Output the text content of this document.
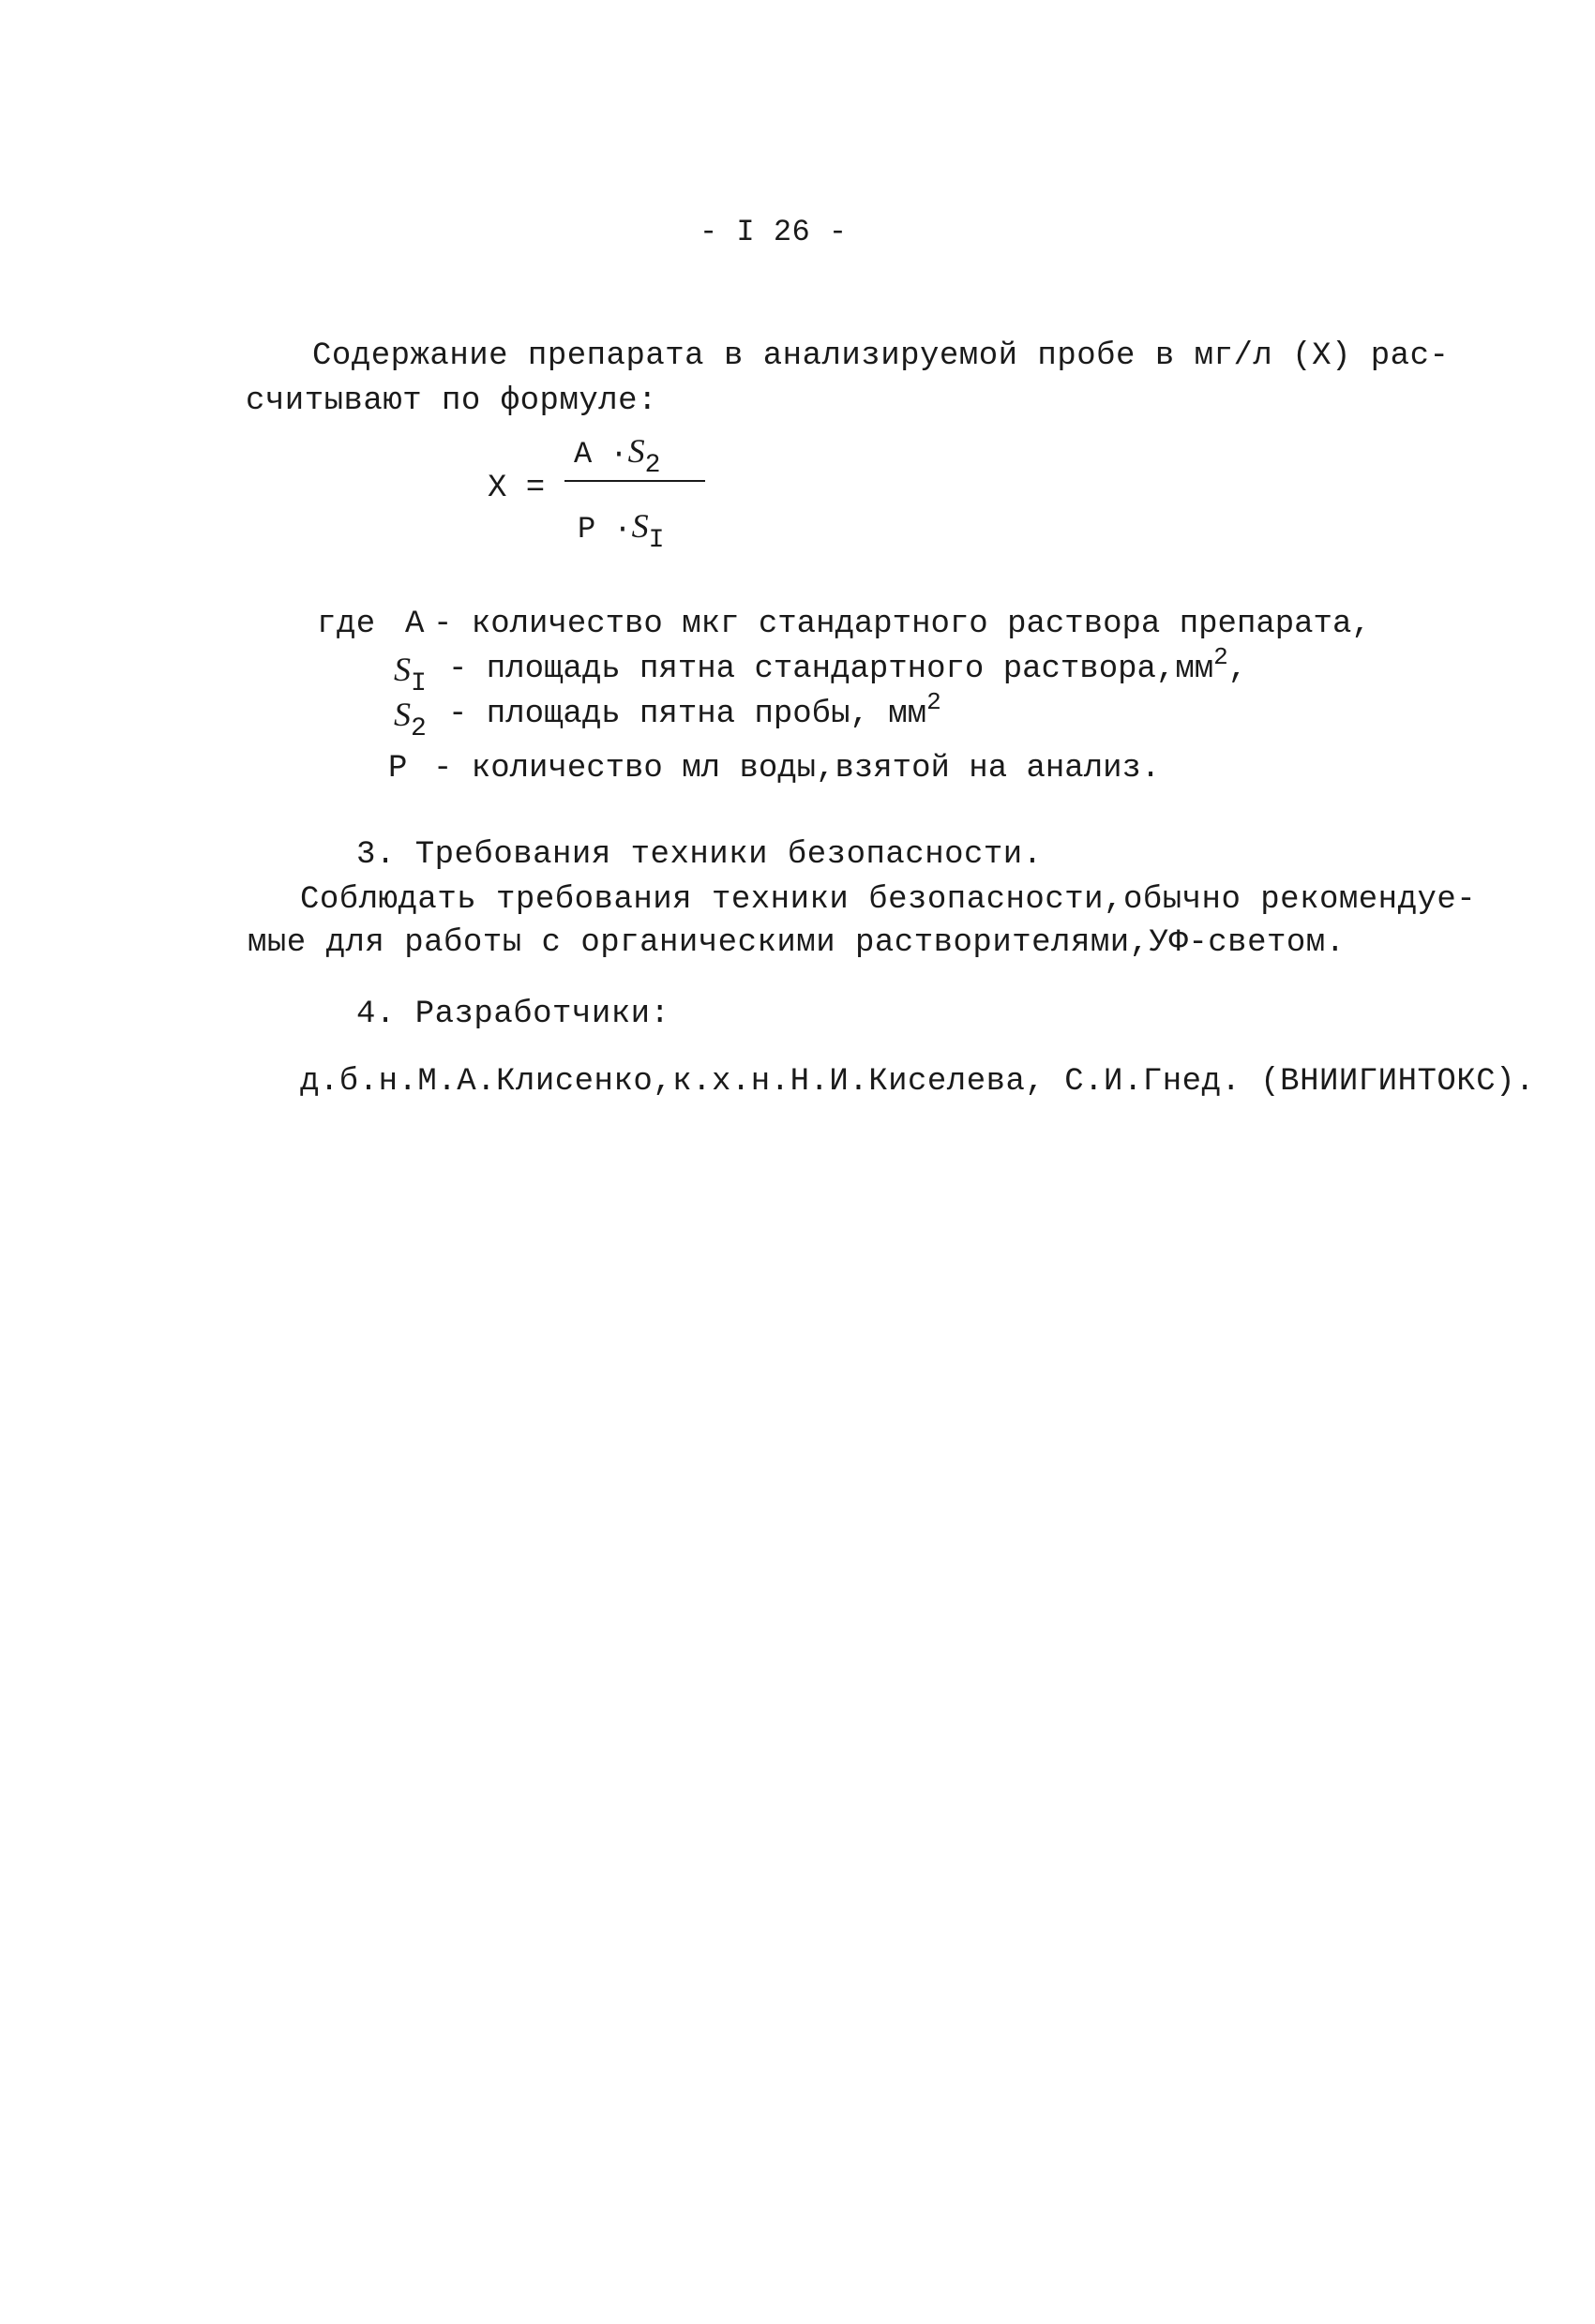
- I 26 -
Содержание препарата в анализируемой пробе в мг/л (Х) рас-
считывают по формуле:
X =
A ·S2
P ·SI
где A - количество мкг стандартного раствора препарата,
$S_I$ - площадь пятна стандартного $раствора,мм^2$,
$S_2$ - площадь пятна пробы, $мм^2$
P - количество мл воды,взятой на анализ.
3. Требования техники безопасности.
Соблюдать требования техники безопасности,обычно рекомендуе-
мые для работы с органическими растворителями,УФ-светом.
4. Разработчики:
д.б.н.М.А.Клисенко,к.х.н.Н.И.Киселева, С.И.Гнед. (ВНИИГИНТОКС).
